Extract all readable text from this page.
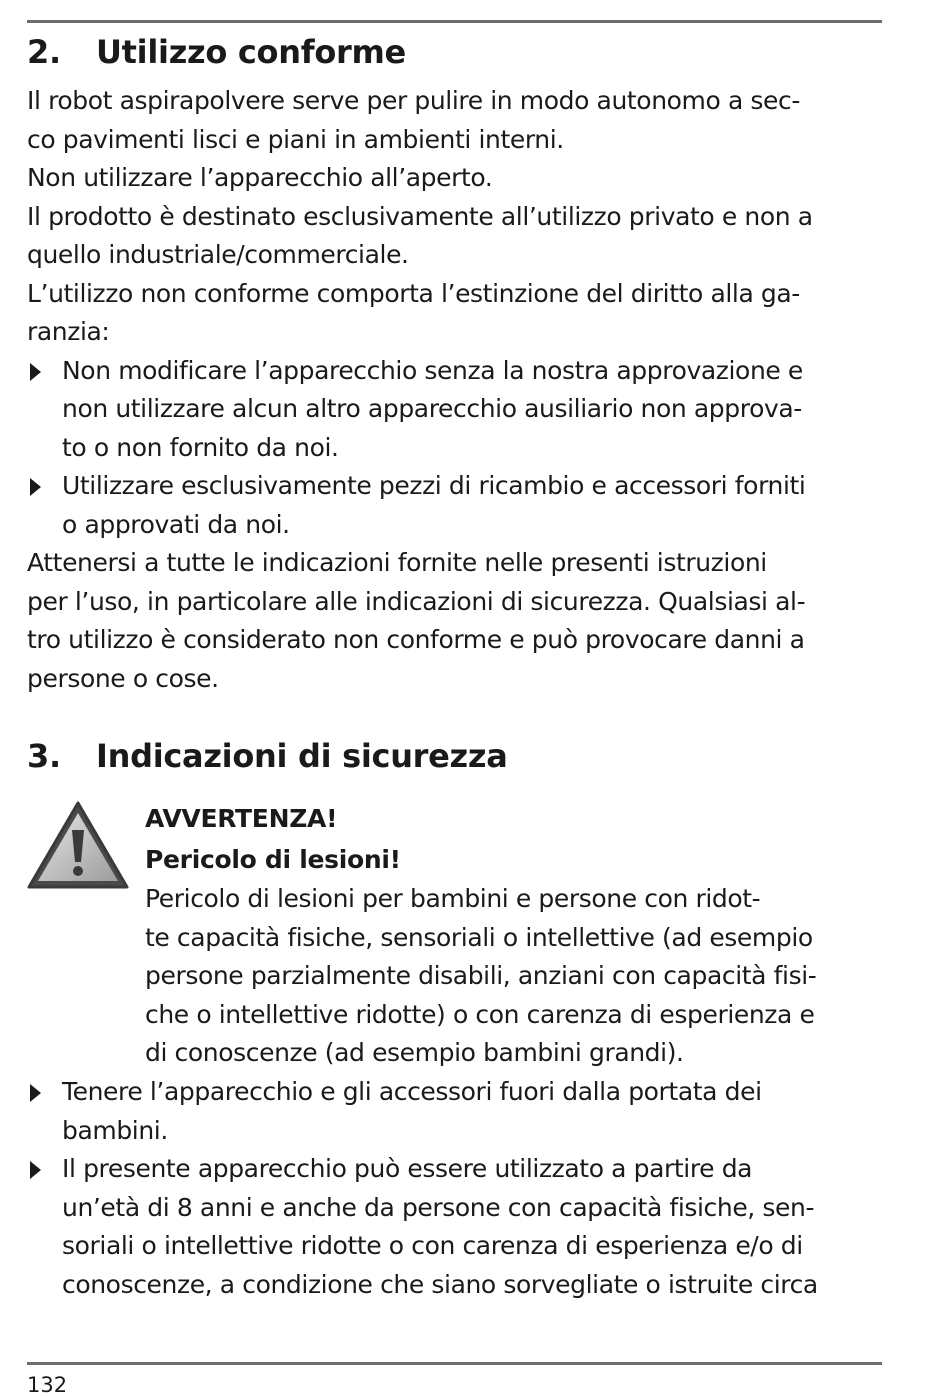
2. Utilizzo conforme

Il robot aspirapolvere serve per pulire in modo autonomo a sec-

co pavimenti lisci e piani in ambienti interni.

Non utilizzare l’apparecchio all’aperto.

Il prodotto è destinato esclusivamente all’utilizzo privato e non a

quello industriale/commerciale.

L’utilizzo non conforme comporta l’estinzione del diritto alla ga-

ranzia:

Non modificare l’apparecchio senza la nostra approvazione e

non utilizzare alcun altro apparecchio ausiliario non approva-

to o non fornito da noi.

Utilizzare esclusivamente pezzi di ricambio e accessori forniti

o approvati da noi.

Attenersi a tutte le indicazioni fornite nelle presenti istruzioni

per l’uso, in particolare alle indicazioni di sicurezza. Qualsiasi al-

tro utilizzo è considerato non conforme e può provocare danni a

persone o cose.

3. Indicazioni di sicurezza

AVVERTENZA!

Pericolo di lesioni!

Pericolo di lesioni per bambini e persone con ridot-

te capacità fisiche, sensoriali o intellettive (ad esempio

persone parzialmente disabili, anziani con capacità fisi-

che o intellettive ridotte) o con carenza di esperienza e

di conoscenze (ad esempio bambini grandi).

Tenere l’apparecchio e gli accessori fuori dalla portata dei

bambini.

Il presente apparecchio può essere utilizzato a partire da

un’età di 8 anni e anche da persone con capacità fisiche, sen-

soriali o intellettive ridotte o con carenza di esperienza e/o di

conoscenze, a condizione che siano sorvegliate o istruite circa

132
